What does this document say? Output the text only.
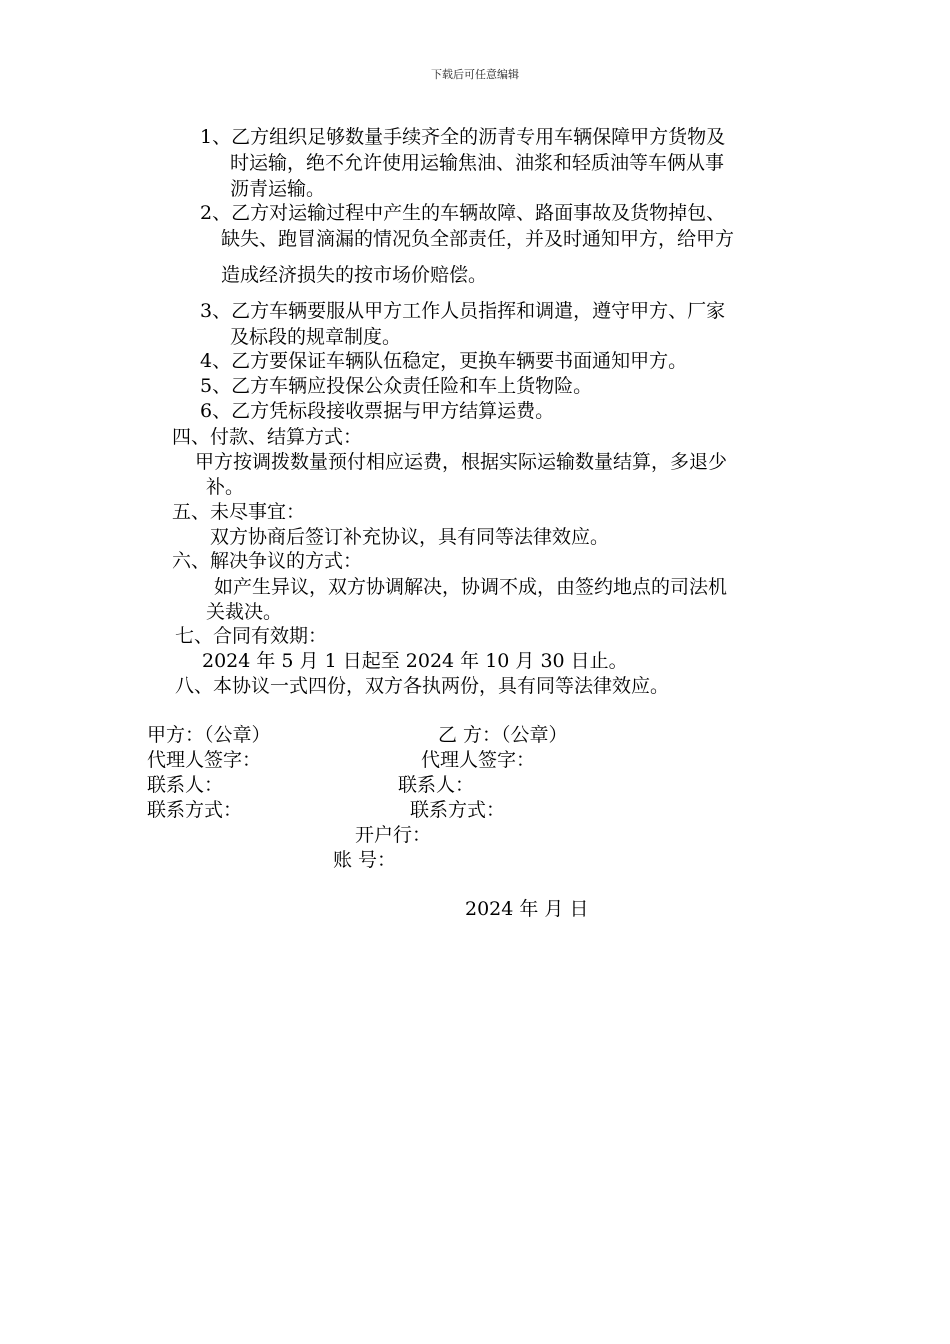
下载后可任意编辑
1、乙方组织足够数量手续齐全的沥青专用车辆保障甲方货物及
时运输，绝不允许使用运输焦油、油浆和轻质油等车俩从事
沥青运输。
2、乙方对运输过程中产生的车辆故障、路面事故及货物掉包、
缺失、跑冒滴漏的情况负全部责任，并及时通知甲方，给甲方
造成经济损失的按市场价赔偿。
3、乙方车辆要服从甲方工作人员指挥和调遣，遵守甲方、厂家
及标段的规章制度。
4、乙方要保证车辆队伍稳定，更换车辆要书面通知甲方。
5、乙方车辆应投保公众责任险和车上货物险。
6、乙方凭标段接收票据与甲方结算运费。
四、付款、结算方式：
甲方按调拨数量预付相应运费，根据实际运输数量结算，多退少
补。
五、未尽事宜：
双方协商后签订补充协议，具有同等法律效应。
六、解决争议的方式：
如产生异议，双方协调解决，协调不成，由签约地点的司法机
关裁决。
七、合同有效期：
2024 年 5 月 1 日起至 2024 年 10 月 30 日止。
八、本协议一式四份，双方各执两份，具有同等法律效应。
甲方：（公章）	乙 方：（公章）
代理人签字：	代理人签字：
联系人：	联系人：
联系方式：	联系方式：
开户行：
账 号：
2024 年 月 日
